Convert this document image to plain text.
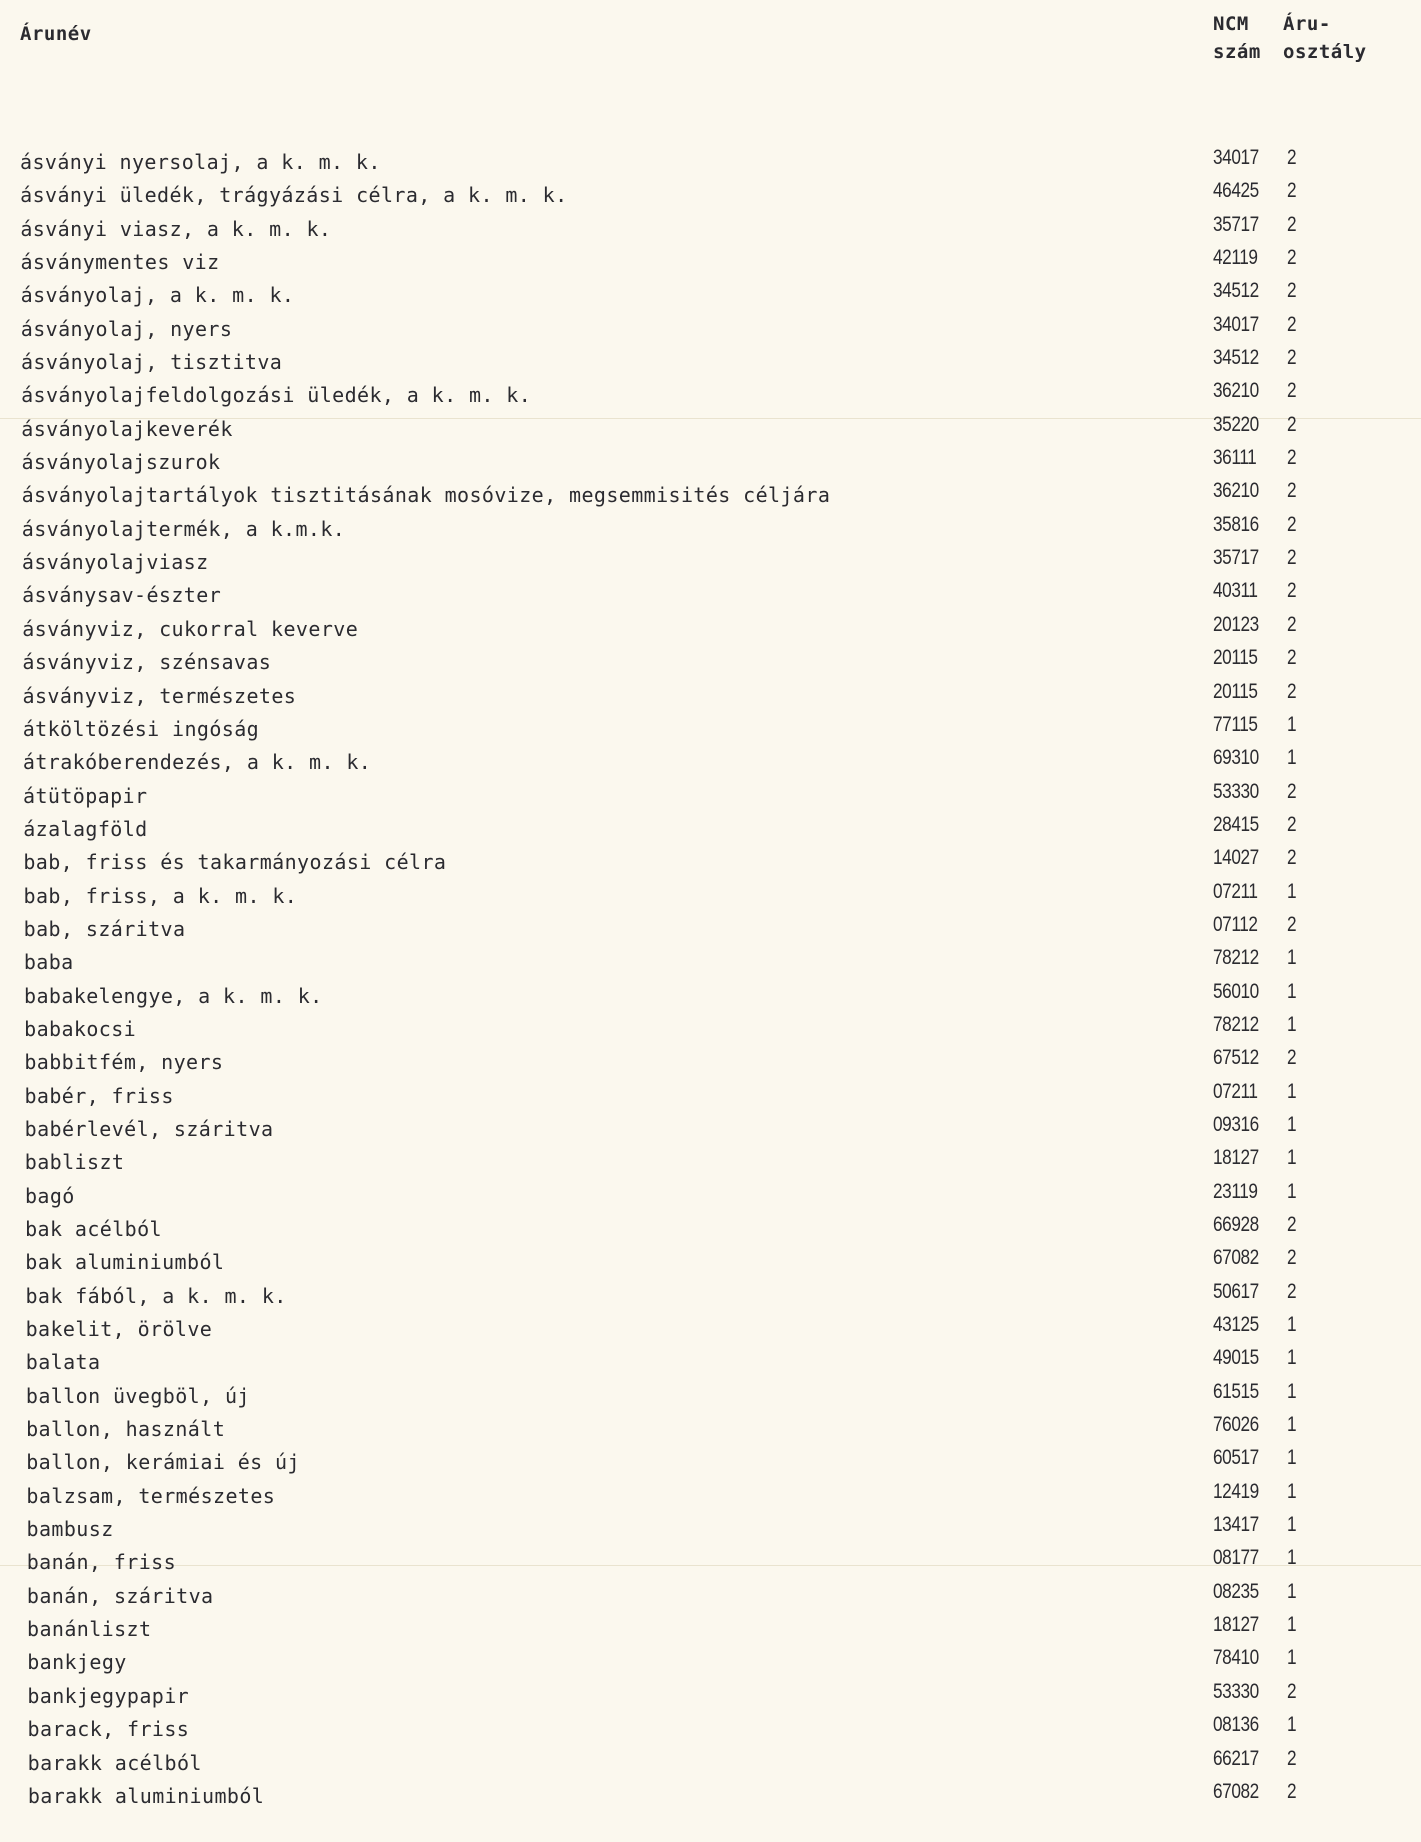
Árunév	NCM
szám
Áru-
osztály
ásványi nyersolaj, a k. m. k.	34017 2
ásványi üledék, trágyázási célra, a k. m. k.	46425 2
ásványi viasz, a k. m. k.	35717 2
ásványmentes viz	42119 2
ásványolaj, a k. m. k.	34512 2
ásványolaj, nyers	34017 2
ásványolaj, tisztitva	34512 2
ásványolajfeldolgozási üledék, a k. m. k.	36210 2
ásványolajkeverék	35220 2
ásványolajszurok	36111 2
ásványolajtartályok tisztitásának mosóvize, megsemmisités céljára	36210 2
ásványolajtermék, a k.m.k.	35816 2
ásványolajviasz	35717 2
ásványsav-észter	40311 2
ásványviz, cukorral keverve	20123 2
ásványviz, szénsavas	20115 2
ásványviz, természetes	20115 2
átköltözési ingóság	77115 1
átrakóberendezés, a k. m. k.	69310 1
átütöpapir	53330 2
ázalagföld	28415 2
bab, friss és takarmányozási célra	14027 2
bab, friss, a k. m. k.	07211 1
bab, száritva	07112 2
baba	78212 1
babakelengye, a k. m. k.	56010 1
babakocsi	78212 1
babbitfém, nyers	67512 2
babér, friss	07211 1
babérlevél, száritva	09316 1
babliszt	18127 1
bagó	23119 1
bak acélból	66928 2
bak aluminiumból	67082 2
bak fából, a k. m. k.	50617 2
bakelit, örölve	43125 1
balata	49015 1
ballon üvegböl, új	61515 1
ballon, használt	76026 1
ballon, kerámiai és új	60517 1
balzsam, természetes	12419 1
bambusz	13417 1
banán, friss	08177 1
banán, száritva	08235 1
banánliszt	18127 1
bankjegy	78410 1
bankjegypapir	53330 2
barack, friss	08136 1
barakk acélból	66217 2
barakk aluminiumból	67082 2
